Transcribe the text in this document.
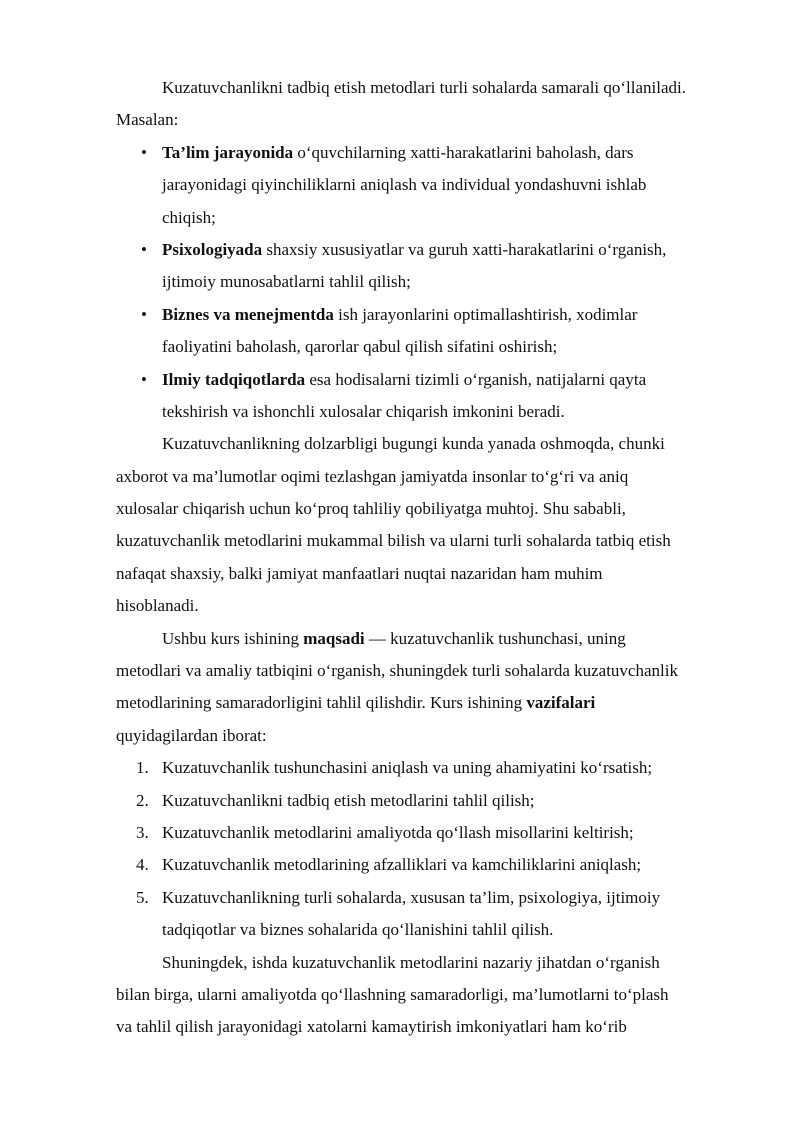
Kuzatuvchanlikni tadbiq etish metodlari turli sohalarda samarali qo‘llaniladi.
Masalan:
• Ta’lim jarayonida o‘quvchilarning xatti-harakatlarini baholash, dars
jarayonidagi qiyinchiliklarni aniqlash va individual yondashuvni ishlab
chiqish;
• Psixologiyada shaxsiy xususiyatlar va guruh xatti-harakatlarini o‘rganish,
ijtimoiy munosabatlarni tahlil qilish;
• Biznes va menejmentda ish jarayonlarini optimallashtirish, xodimlar
faoliyatini baholash, qarorlar qabul qilish sifatini oshirish;
• Ilmiy tadqiqotlarda esa hodisalarni tizimli o‘rganish, natijalarni qayta
tekshirish va ishonchli xulosalar chiqarish imkonini beradi.
Kuzatuvchanlikning dolzarbligi bugungi kunda yanada oshmoqda, chunki
axborot va ma’lumotlar oqimi tezlashgan jamiyatda insonlar to‘g‘ri va aniq
xulosalar chiqarish uchun ko‘proq tahliliy qobiliyatga muhtoj. Shu sababli,
kuzatuvchanlik metodlarini mukammal bilish va ularni turli sohalarda tatbiq etish
nafaqat shaxsiy, balki jamiyat manfaatlari nuqtai nazaridan ham muhim
hisoblanadi.
Ushbu kurs ishining maqsadi — kuzatuvchanlik tushunchasi, uning
metodlari va amaliy tatbiqini o‘rganish, shuningdek turli sohalarda kuzatuvchanlik
metodlarining samaradorligini tahlil qilishdir. Kurs ishining vazifalari
quyidagilardan iborat:
1. Kuzatuvchanlik tushunchasini aniqlash va uning ahamiyatini ko‘rsatish;
2. Kuzatuvchanlikni tadbiq etish metodlarini tahlil qilish;
3. Kuzatuvchanlik metodlarini amaliyotda qo‘llash misollarini keltirish;
4. Kuzatuvchanlik metodlarining afzalliklari va kamchiliklarini aniqlash;
5. Kuzatuvchanlikning turli sohalarda, xususan ta’lim, psixologiya, ijtimoiy
tadqiqotlar va biznes sohalarida qo‘llanishini tahlil qilish.
Shuningdek, ishda kuzatuvchanlik metodlarini nazariy jihatdan o‘rganish
bilan birga, ularni amaliyotda qo‘llashning samaradorligi, ma’lumotlarni to‘plash
va tahlil qilish jarayonidagi xatolarni kamaytirish imkoniyatlari ham ko‘rib
